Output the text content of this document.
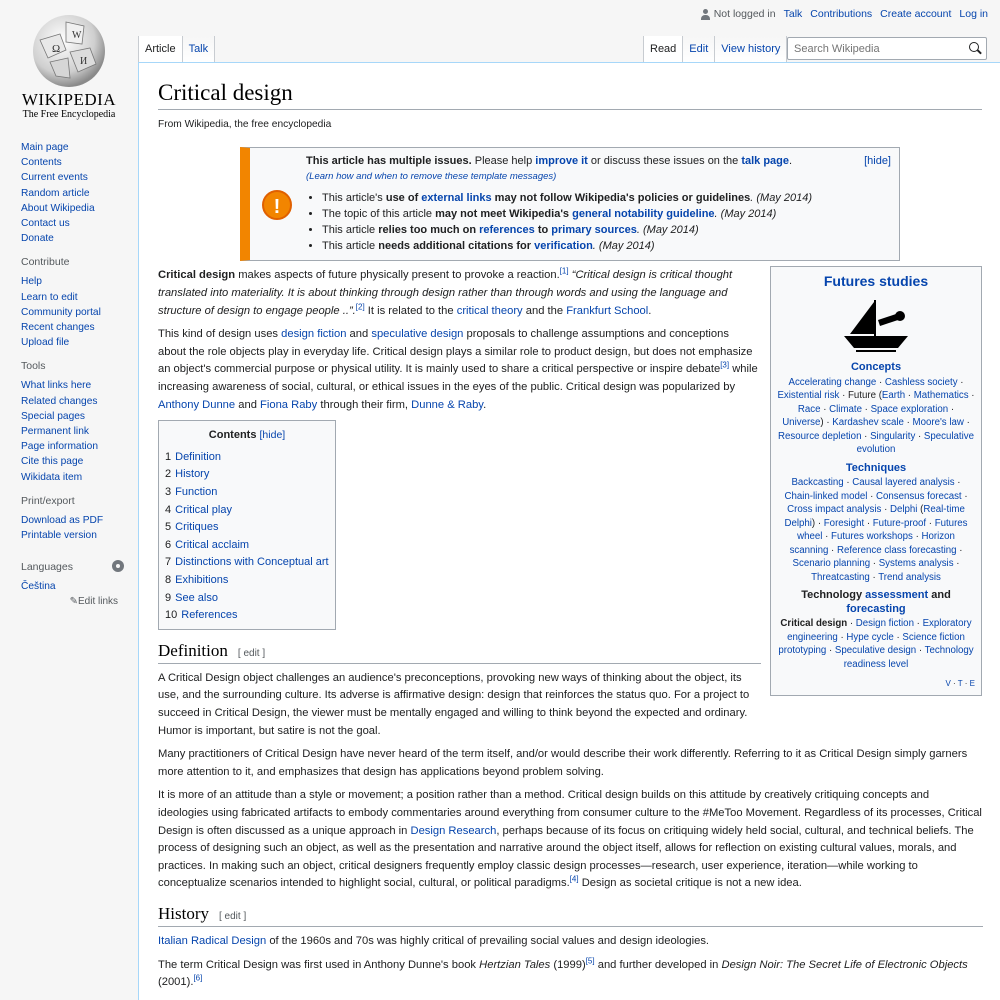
Ω
W
И
WIKIPEDIA
The Free Encyclopedia
Not logged in Talk Contributions Create account Log in
Article	Talk	Read	Edit	View history
Search Wikipedia
Main page
Contents
Current events
Random article
About Wikipedia
Contact us
Donate
Contribute
Help
Learn to edit
Community portal
Recent changes
Upload file
Tools
What links here
Related changes
Special pages
Permanent link
Page information
Cite this page
Wikidata item
Print/export
Download as PDF
Printable version
Languages
Čeština
✎Edit links
Critical design
From Wikipedia, the free encyclopedia
!
This article has multiple issues. Please help improve it or discuss these issues on the talk page.	[hide]
(Learn how and when to remove these template messages)
• This article's use of external links may not follow Wikipedia's policies or guidelines. (May 2014)
• The topic of this article may not meet Wikipedia's general notability guideline. (May 2014)
• This article relies too much on references to primary sources. (May 2014)
• This article needs additional citations for verification. (May 2014)

Critical design makes aspects of future physically present to provoke a reaction.[1] “Critical design is critical thought translated into materiality. It is about thinking through design rather than through words and using the language and structure of design to engage people ..”.[2] It is related to the critical theory and the Frankfurt School.

This kind of design uses design fiction and speculative design proposals to challenge assumptions and conceptions about the role objects play in everyday life. Critical design plays a similar role to product design, but does not emphasize an object's commercial purpose or physical utility. It is mainly used to share a critical perspective or inspire debate[3] while increasing awareness of social, cultural, or ethical issues in the eyes of the public. Critical design was popularized by Anthony Dunne and Fiona Raby through their firm, Dunne & Raby.

Contents [hide]
1 Definition
2 History
3 Function
4 Critical play
5 Critiques
6 Critical acclaim
7 Distinctions with Conceptual art
8 Exhibitions
9 See also
10 References
Definition [ edit ]

A Critical Design object challenges an audience's preconceptions, provoking new ways of thinking about the object, its use, and the surrounding culture. Its adverse is affirmative design: design that reinforces the status quo. For a project to succeed in Critical Design, the viewer must be mentally engaged and willing to think beyond the expected and ordinary. Humor is important, but satire is not the goal.

Many practitioners of Critical Design have never heard of the term itself, and/or would describe their work differently. Referring to it as Critical Design simply garners more attention to it, and emphasizes that design has applications beyond problem solving.

It is more of an attitude than a style or movement; a position rather than a method. Critical design builds on this attitude by creatively critiquing concepts and ideologies using fabricated artifacts to embody commentaries around everything from consumer culture to the #MeToo Movement. Regardless of its processes, Critical Design is often discussed as a unique approach in Design Research, perhaps because of its focus on critiquing widely held social, cultural, and technical beliefs. The process of designing such an object, as well as the presentation and narrative around the object itself, allows for reflection on existing cultural values, morals, and practices. In making such an object, critical designers frequently employ classic design processes—research, user experience, iteration—while working to conceptualize scenarios intended to highlight social, cultural, or political paradigms.[4] Design as societal critique is not a new idea.

History [ edit ]

Italian Radical Design of the 1960s and 70s was highly critical of prevailing social values and design ideologies.

The term Critical Design was first used in Anthony Dunne's book Hertzian Tales (1999)[5] and further developed in Design Noir: The Secret Life of Electronic Objects (2001).[6]

Futures studies
Concepts
Accelerating change · Cashless society · Existential risk · Future (Earth · Mathematics · Race · Climate · Space exploration · Universe) · Kardashev scale · Moore's law · Resource depletion · Singularity · Speculative evolution
Techniques
Backcasting · Causal layered analysis · Chain-linked model · Consensus forecast · Cross impact analysis · Delphi (Real-time Delphi) · Foresight · Future-proof · Futures wheel · Futures workshops · Horizon scanning · Reference class forecasting · Scenario planning · Systems analysis · Threatcasting · Trend analysis
Technology assessment and forecasting
Critical design · Design fiction · Exploratory engineering · Hype cycle · Science fiction prototyping · Speculative design · Technology readiness level
V · T · E
